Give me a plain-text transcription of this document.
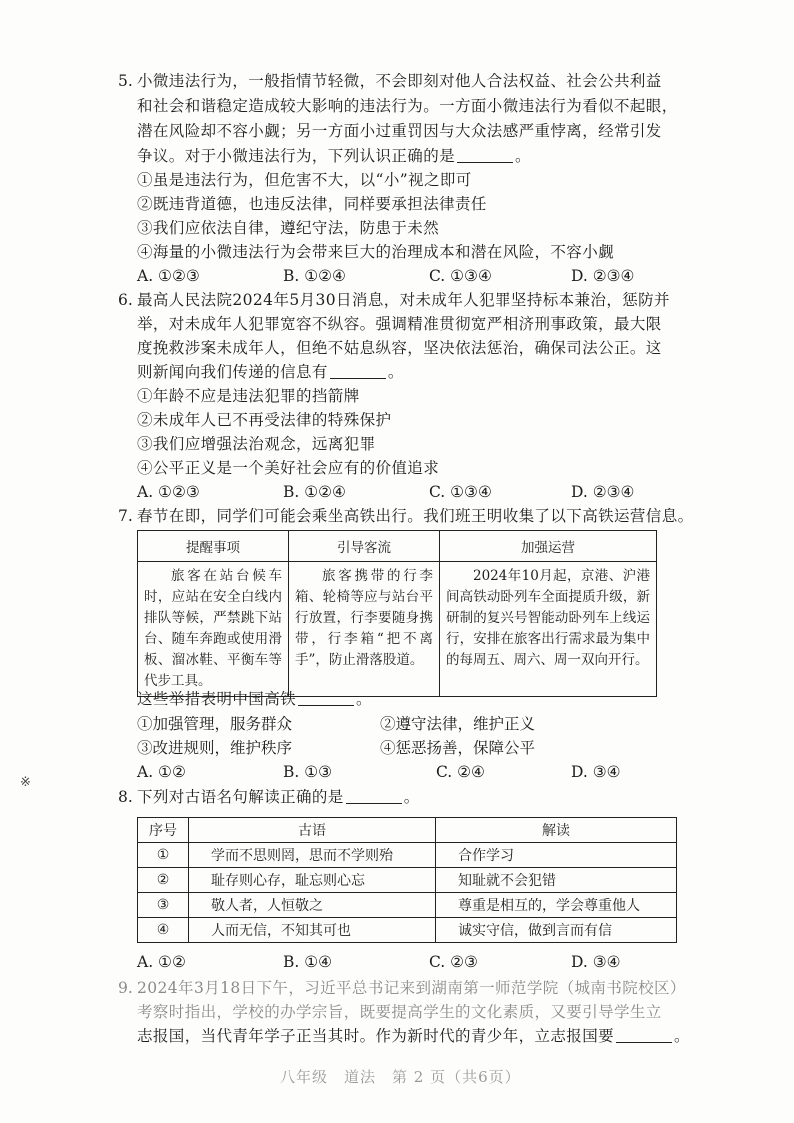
5. 小微违法行为，一般指情节轻微，不会即刻对他人合法权益、社会公共利益
和社会和谐稳定造成较大影响的违法行为。一方面小微违法行为看似不起眼，
潜在风险却不容小觑；另一方面小过重罚因与大众法感严重悖离，经常引发
争议。对于小微违法行为，下列认识正确的是	。
①虽是违法行为，但危害不大，以“小”视之即可
②既违背道德，也违反法律，同样要承担法律责任
③我们应依法自律，遵纪守法，防患于未然
④海量的小微违法行为会带来巨大的治理成本和潜在风险，不容小觑
A. ①②③	B. ①②④	C. ①③④	D. ②③④
6. 最高人民法院2024年5月30日消息，对未成年人犯罪坚持标本兼治，惩防并
举，对未成年人犯罪宽容不纵容。强调精准贯彻宽严相济刑事政策，最大限
度挽救涉案未成年人，但绝不姑息纵容，坚决依法惩治，确保司法公正。这
则新闻向我们传递的信息有	。
①年龄不应是违法犯罪的挡箭牌
②未成年人已不再受法律的特殊保护
③我们应增强法治观念，远离犯罪
④公平正义是一个美好社会应有的价值追求
A. ①②③	B. ①②④	C. ①③④	D. ②③④
7. 春节在即，同学们可能会乘坐高铁出行。我们班王明收集了以下高铁运营信息。
提醒事项	引导客流	加强运营
旅客在站台候车时，应站在安全白线内排队等候，严禁跳下站台、随车奔跑或使用滑板、溜冰鞋、平衡车等代步工具。	旅客携带的行李箱、轮椅等应与站台平行放置，行李要随身携带，行李箱“把不离手”，防止滑落股道。	2024年10月起，京港、沪港间高铁动卧列车全面提质升级，新研制的复兴号智能动卧列车上线运行，安排在旅客出行需求最为集中的每周五、周六、周一双向开行。
这些举措表明中国高铁	。
①加强管理，服务群众	②遵守法律，维护正义
③改进规则，维护秩序	④惩恶扬善，保障公平
A. ①②	B. ①③	C. ②④	D. ③④
8. 下列对古语名句解读正确的是	。
序号	古语	解读
①	学而不思则罔，思而不学则殆	合作学习
②	耻存则心存，耻忘则心忘	知耻就不会犯错
③	敬人者，人恒敬之	尊重是相互的，学会尊重他人
④	人而无信，不知其可也	诚实守信，做到言而有信
A. ①②	B. ①④	C. ②③	D. ③④
9. 2024年3月18日下午，习近平总书记来到湖南第一师范学院（城南书院校区）
考察时指出，学校的办学宗旨，既要提高学生的文化素质，又要引导学生立
志报国，当代青年学子正当其时。作为新时代的青少年，立志报国要	。
※
八年级　道法　第 2 页（共6页）
